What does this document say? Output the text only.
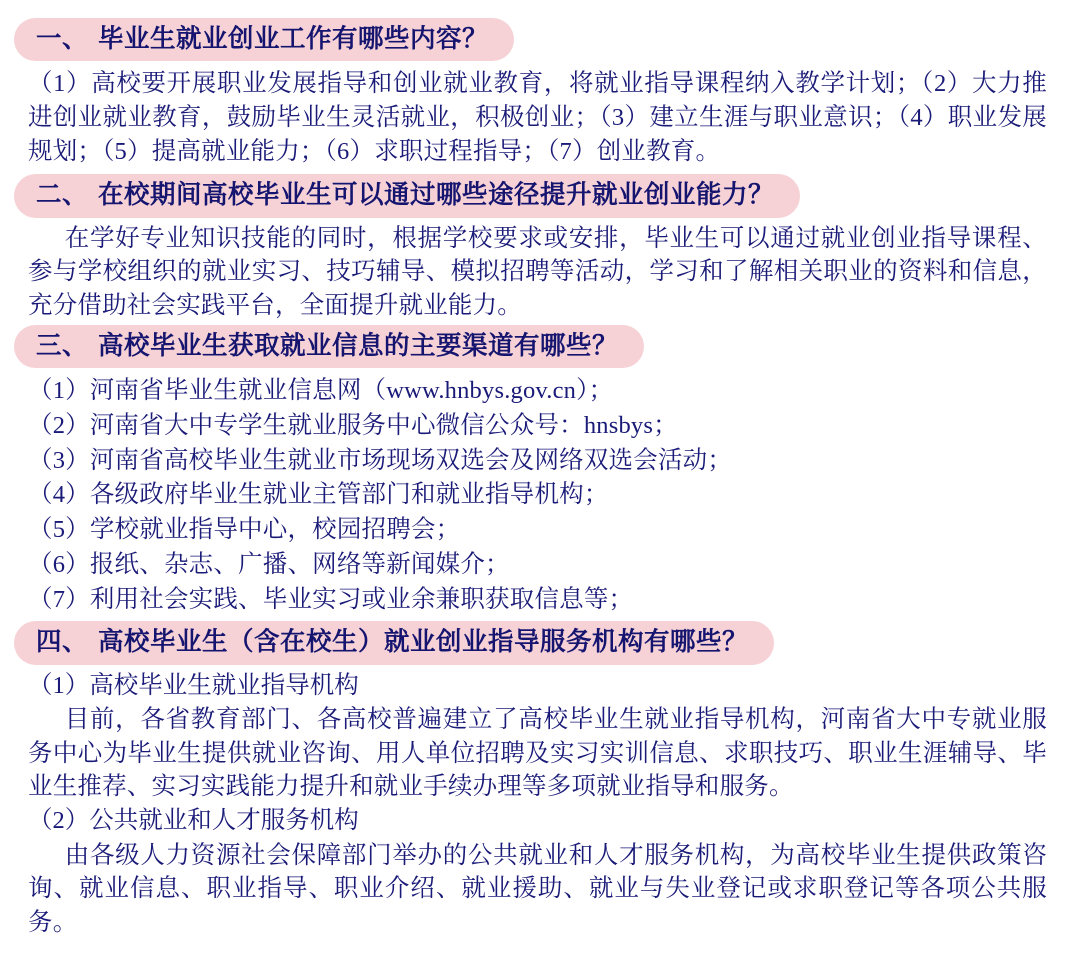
一、 毕业生就业创业工作有哪些内容？

（1）高校要开展职业发展指导和创业就业教育，将就业指导课程纳入教学计划；（2）大力推进创业就业教育，鼓励毕业生灵活就业，积极创业；（3）建立生涯与职业意识；（4）职业发展规划；（5）提高就业能力；（6）求职过程指导；（7）创业教育。

二、 在校期间高校毕业生可以通过哪些途径提升就业创业能力？

在学好专业知识技能的同时，根据学校要求或安排，毕业生可以通过就业创业指导课程、参与学校组织的就业实习、技巧辅导、模拟招聘等活动，学习和了解相关职业的资料和信息，充分借助社会实践平台，全面提升就业能力。

三、 高校毕业生获取就业信息的主要渠道有哪些？
（1）河南省毕业生就业信息网（www.hnbys.gov.cn）；
（2）河南省大中专学生就业服务中心微信公众号：hnsbys；
（3）河南省高校毕业生就业市场现场双选会及网络双选会活动；
（4）各级政府毕业生就业主管部门和就业指导机构；
（5）学校就业指导中心，校园招聘会；
（6）报纸、杂志、广播、网络等新闻媒介；
（7）利用社会实践、毕业实习或业余兼职获取信息等；
四、 高校毕业生（含在校生）就业创业指导服务机构有哪些？

（1）高校毕业生就业指导机构

目前，各省教育部门、各高校普遍建立了高校毕业生就业指导机构，河南省大中专就业服务中心为毕业生提供就业咨询、用人单位招聘及实习实训信息、求职技巧、职业生涯辅导、毕业生推荐、实习实践能力提升和就业手续办理等多项就业指导和服务。

（2）公共就业和人才服务机构

由各级人力资源社会保障部门举办的公共就业和人才服务机构，为高校毕业生提供政策咨询、就业信息、职业指导、职业介绍、就业援助、就业与失业登记或求职登记等各项公共服务。
